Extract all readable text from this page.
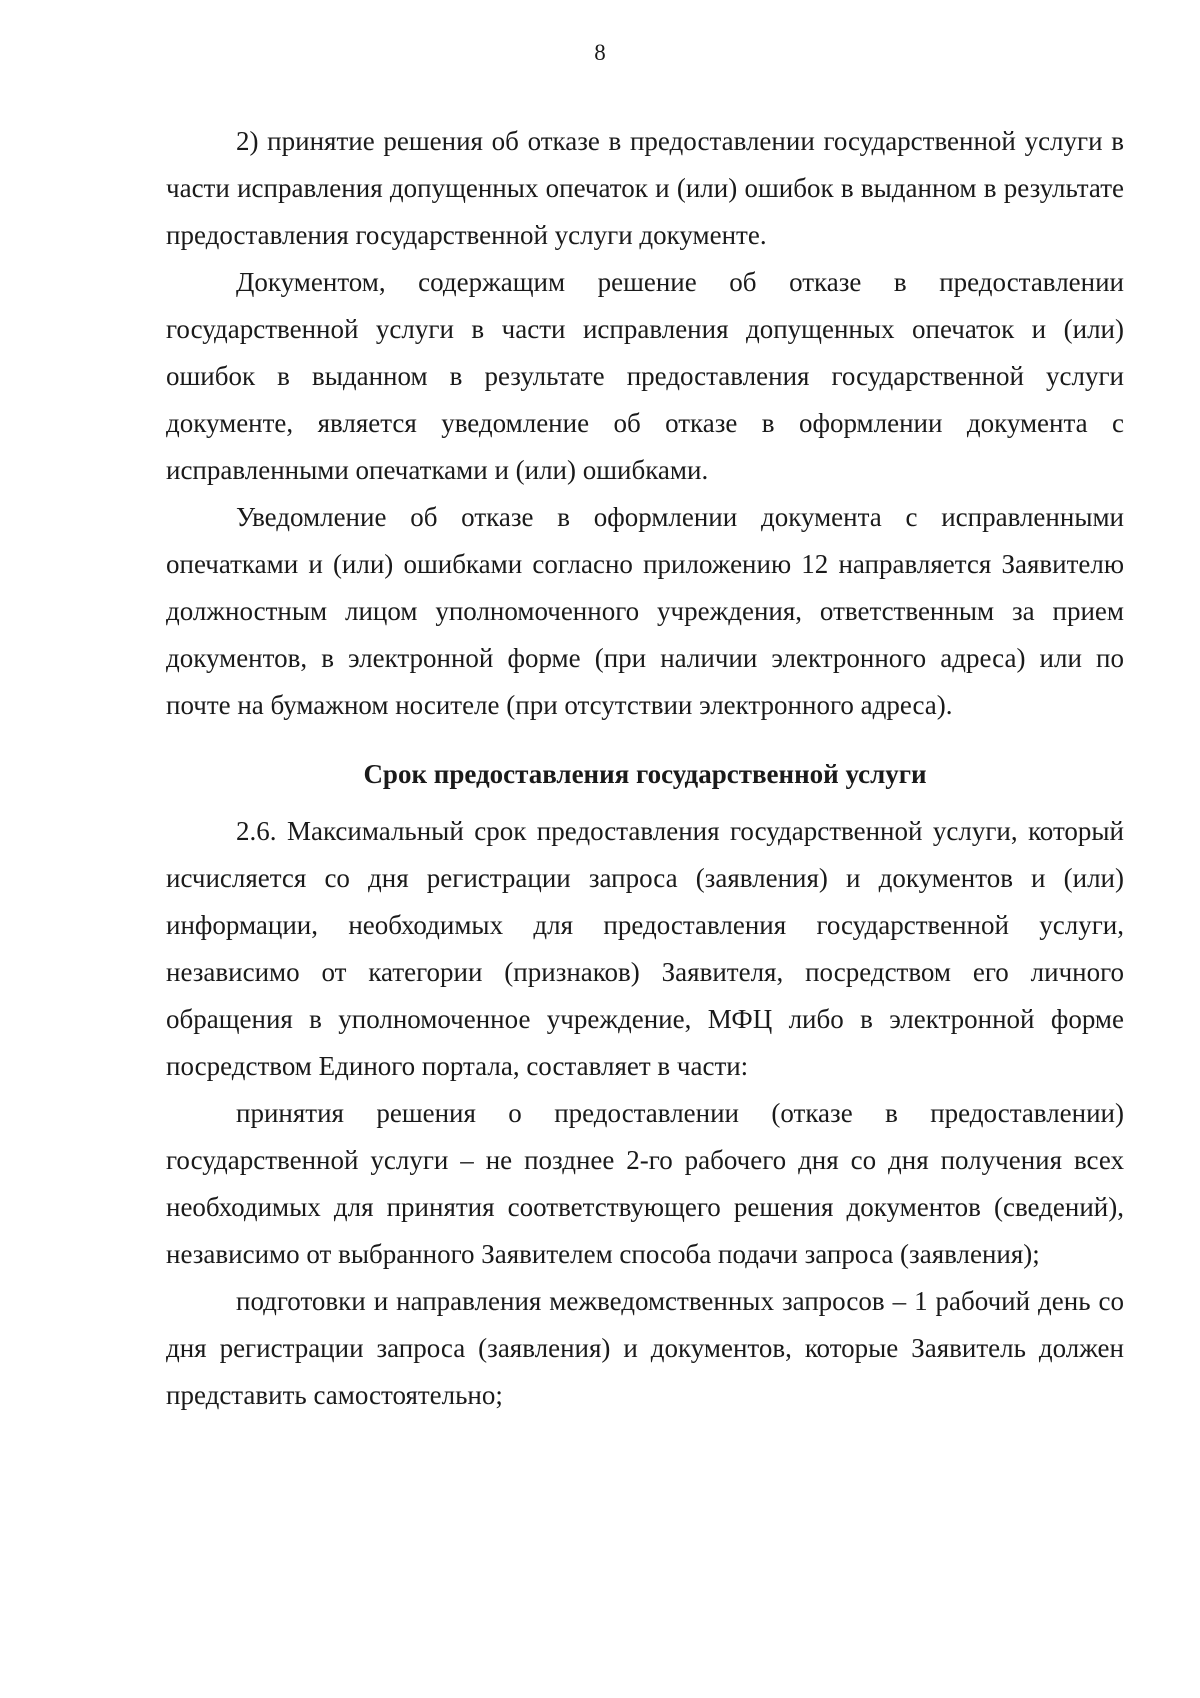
8

2) принятие решения об отказе в предоставлении государственной услуги в части исправления допущенных опечаток и (или) ошибок в выданном в результате предоставления государственной услуги документе.

Документом, содержащим решение об отказе в предоставлении государственной услуги в части исправления допущенных опечаток и (или) ошибок в выданном в результате предоставления государственной услуги документе, является уведомление об отказе в оформлении документа с исправленными опечатками и (или) ошибками.

Уведомление об отказе в оформлении документа с исправленными опечатками и (или) ошибками согласно приложению 12 направляется Заявителю должностным лицом уполномоченного учреждения, ответственным за прием документов, в электронной форме (при наличии электронного адреса) или по почте на бумажном носителе (при отсутствии электронного адреса).

Срок предоставления государственной услуги

2.6. Максимальный срок предоставления государственной услуги, который исчисляется со дня регистрации запроса (заявления) и документов и (или) информации, необходимых для предоставления государственной услуги, независимо от категории (признаков) Заявителя, посредством его личного обращения в уполномоченное учреждение, МФЦ либо в электронной форме посредством Единого портала, составляет в части:

принятия решения о предоставлении (отказе в предоставлении) государственной услуги – не позднее 2-го рабочего дня со дня получения всех необходимых для принятия соответствующего решения документов (сведений), независимо от выбранного Заявителем способа подачи запроса (заявления);

подготовки и направления межведомственных запросов – 1 рабочий день со дня регистрации запроса (заявления) и документов, которые Заявитель должен представить самостоятельно;
